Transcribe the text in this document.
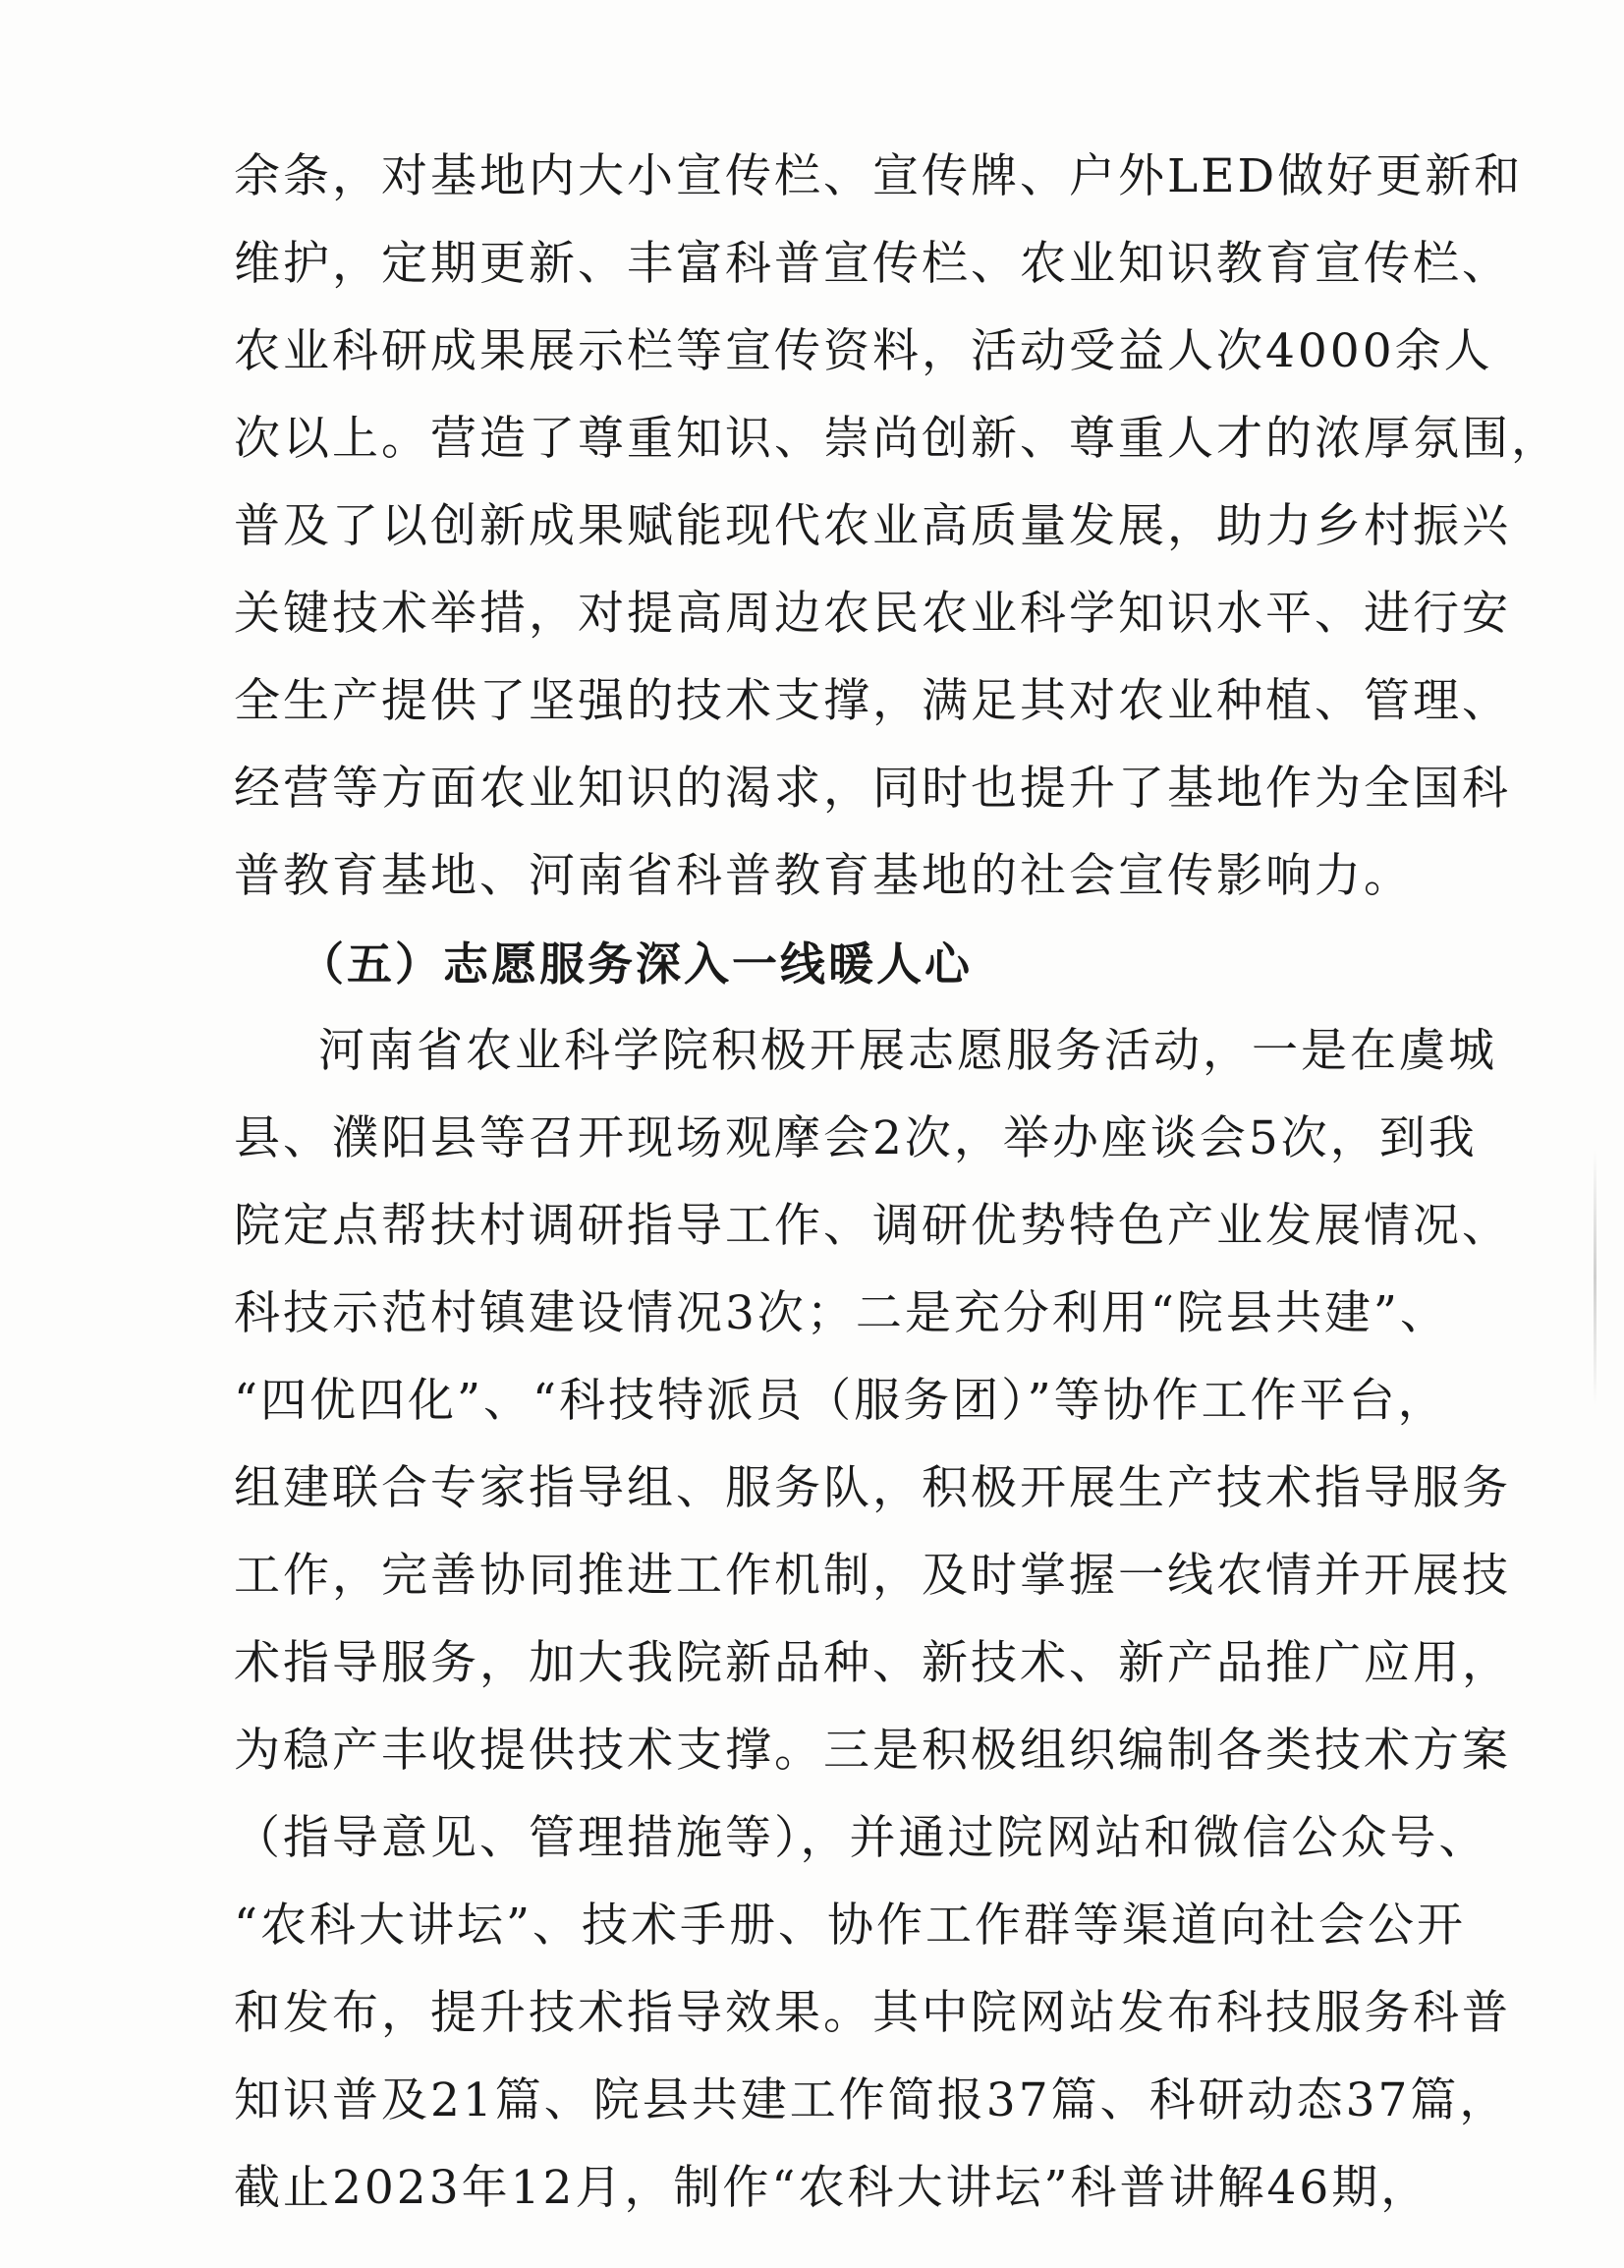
余条，对基地内大小宣传栏、宣传牌、户外LED做好更新和
维护，定期更新、丰富科普宣传栏、农业知识教育宣传栏、
农业科研成果展示栏等宣传资料，活动受益人次4000余人
次以上。营造了尊重知识、崇尚创新、尊重人才的浓厚氛围，
普及了以创新成果赋能现代农业高质量发展，助力乡村振兴
关键技术举措，对提高周边农民农业科学知识水平、进行安
全生产提供了坚强的技术支撑，满足其对农业种植、管理、
经营等方面农业知识的渴求，同时也提升了基地作为全国科
普教育基地、河南省科普教育基地的社会宣传影响力。
（五）志愿服务深入一线暖人心
河南省农业科学院积极开展志愿服务活动，一是在虞城
县、濮阳县等召开现场观摩会2次，举办座谈会5次，到我
院定点帮扶村调研指导工作、调研优势特色产业发展情况、
科技示范村镇建设情况3次；二是充分利用“院县共建”、
“四优四化”、“科技特派员（服务团）”等协作工作平台，
组建联合专家指导组、服务队，积极开展生产技术指导服务
工作，完善协同推进工作机制，及时掌握一线农情并开展技
术指导服务，加大我院新品种、新技术、新产品推广应用，
为稳产丰收提供技术支撑。三是积极组织编制各类技术方案
（指导意见、管理措施等），并通过院网站和微信公众号、
“农科大讲坛”、技术手册、协作工作群等渠道向社会公开
和发布，提升技术指导效果。其中院网站发布科技服务科普
知识普及21篇、院县共建工作简报37篇、科研动态37篇，
截止2023年12月，制作“农科大讲坛”科普讲解46期，
